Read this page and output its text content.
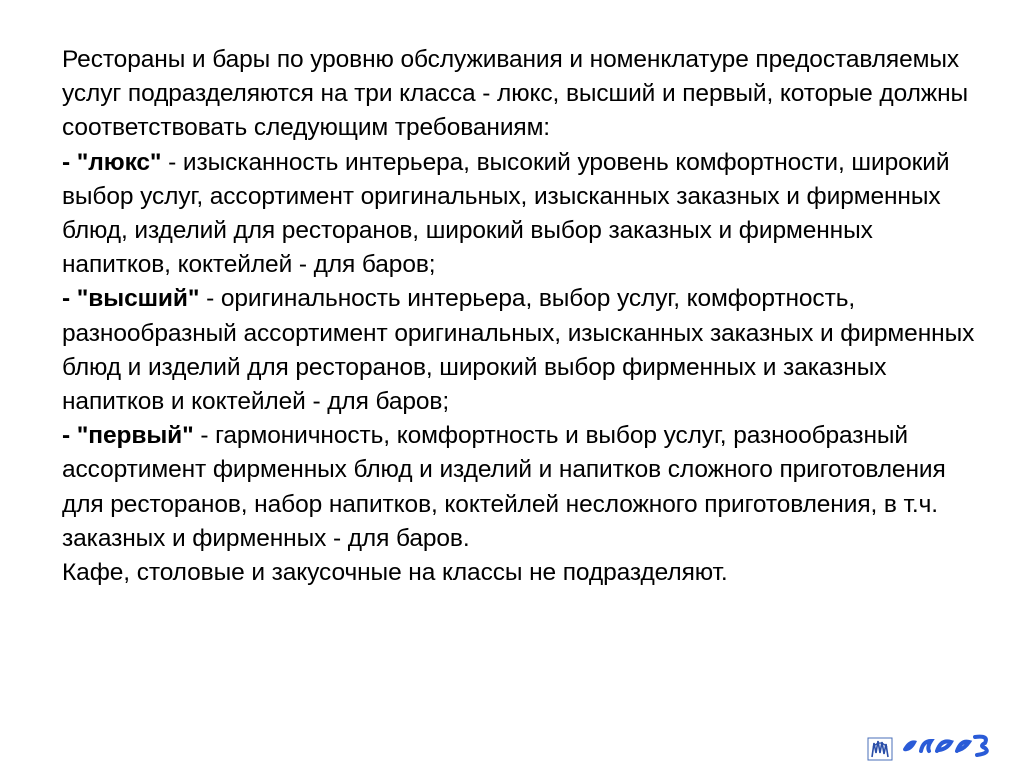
Рестораны и бары по уровню обслуживания и номенклатуре предоставляемых услуг подразделяются на три класса - люкс, высший и первый, которые должны соответствовать следующим требованиям:

- "люкс" - изысканность интерьера, высокий уровень комфортности, широкий выбор услуг, ассортимент оригинальных, изысканных заказных и фирменных блюд, изделий для ресторанов, широкий выбор заказных и фирменных напитков, коктейлей - для баров;

- "высший" - оригинальность интерьера, выбор услуг, комфортность, разнообразный ассортимент оригинальных, изысканных заказных и фирменных блюд и изделий для ресторанов, широкий выбор фирменных и заказных напитков и коктейлей - для баров;

- "первый" - гармоничность, комфортность и выбор услуг, разнообразный ассортимент фирменных блюд и изделий и напитков сложного приготовления для ресторанов, набор напитков, коктейлей несложного приготовления, в т.ч. заказных и фирменных - для баров.

Кафе, столовые и закусочные на классы не подразделяют.
